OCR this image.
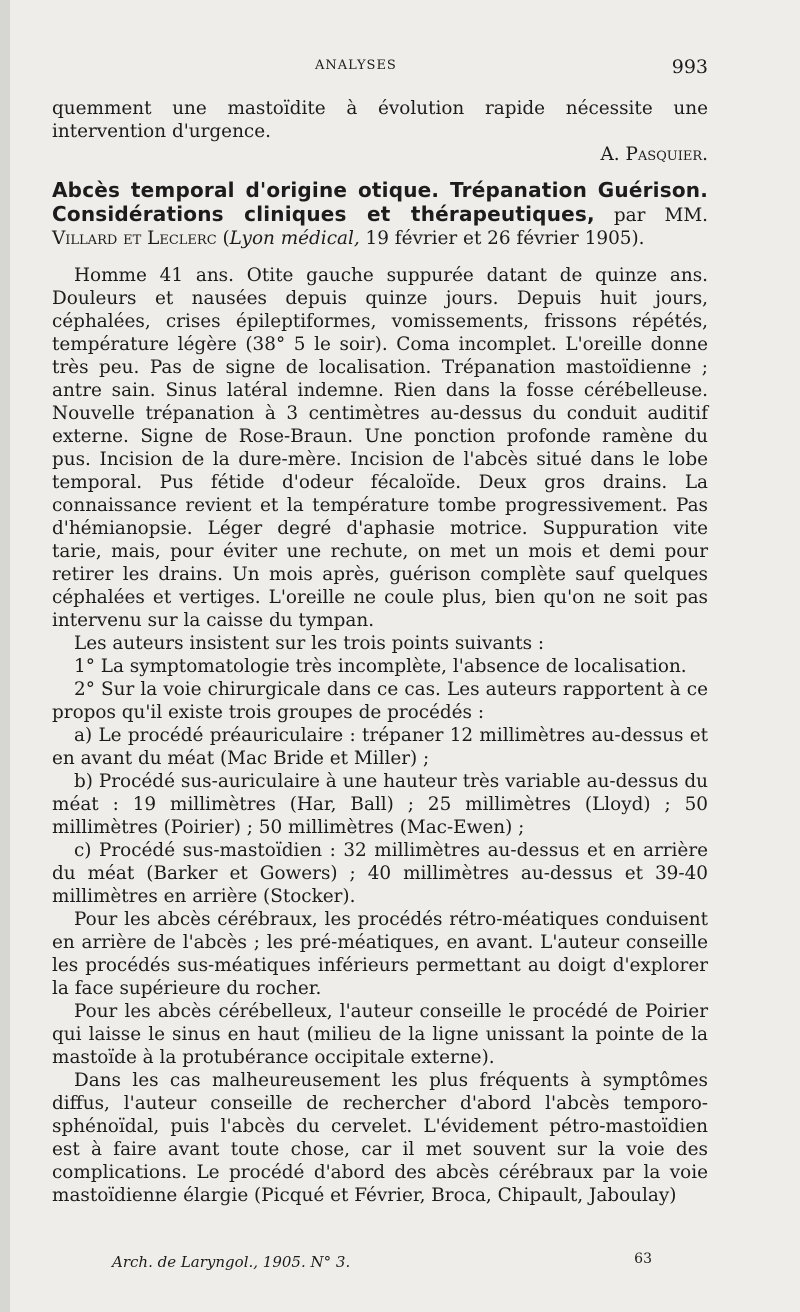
ANALYSES	993

quemment une mastoïdite à évolution rapide nécessite une intervention d'urgence.
A. Pasquier.

Abcès temporal d'origine otique. Trépanation Guérison. Considérations cliniques et thérapeutiques, par MM. Villard et Leclerc (Lyon médical, 19 février et 26 février 1905).

Homme 41 ans. Otite gauche suppurée datant de quinze ans. Douleurs et nausées depuis quinze jours. Depuis huit jours, céphalées, crises épileptiformes, vomissements, frissons répétés, température légère (38° 5 le soir). Coma incomplet. L'oreille donne très peu. Pas de signe de localisation. Trépanation mastoïdienne ; antre sain. Sinus latéral indemne. Rien dans la fosse cérébelleuse. Nouvelle trépanation à 3 centimètres au-dessus du conduit auditif externe. Signe de Rose-Braun. Une ponction profonde ramène du pus. Incision de la dure-mère. Incision de l'abcès situé dans le lobe temporal. Pus fétide d'odeur fécaloïde. Deux gros drains. La connaissance revient et la température tombe progressivement. Pas d'hémianopsie. Léger degré d'aphasie motrice. Suppuration vite tarie, mais, pour éviter une rechute, on met un mois et demi pour retirer les drains. Un mois après, guérison complète sauf quelques céphalées et vertiges. L'oreille ne coule plus, bien qu'on ne soit pas intervenu sur la caisse du tympan.

Les auteurs insistent sur les trois points suivants :

1° La symptomatologie très incomplète, l'absence de localisation.

2° Sur la voie chirurgicale dans ce cas. Les auteurs rapportent à ce propos qu'il existe trois groupes de procédés :

a) Le procédé préauriculaire : trépaner 12 millimètres au-dessus et en avant du méat (Mac Bride et Miller) ;

b) Procédé sus-auriculaire à une hauteur très variable au-dessus du méat : 19 millimètres (Har, Ball) ; 25 millimètres (Lloyd) ; 50 millimètres (Poirier) ; 50 millimètres (Mac-Ewen) ;

c) Procédé sus-mastoïdien : 32 millimètres au-dessus et en arrière du méat (Barker et Gowers) ; 40 millimètres au-dessus et 39-40 millimètres en arrière (Stocker).

Pour les abcès cérébraux, les procédés rétro-méatiques conduisent en arrière de l'abcès ; les pré-méatiques, en avant. L'auteur conseille les procédés sus-méatiques inférieurs permettant au doigt d'explorer la face supérieure du rocher.

Pour les abcès cérébelleux, l'auteur conseille le procédé de Poirier qui laisse le sinus en haut (milieu de la ligne unissant la pointe de la mastoïde à la protubérance occipitale externe).

Dans les cas malheureusement les plus fréquents à symptômes diffus, l'auteur conseille de rechercher d'abord l'abcès temporo-sphénoïdal, puis l'abcès du cervelet. L'évidement pétro-mastoïdien est à faire avant toute chose, car il met souvent sur la voie des complications. Le procédé d'abord des abcès cérébraux par la voie mastoïdienne élargie (Picqué et Février, Broca, Chipault, Jaboulay)

Arch. de Laryngol., 1905. N° 3.	63
